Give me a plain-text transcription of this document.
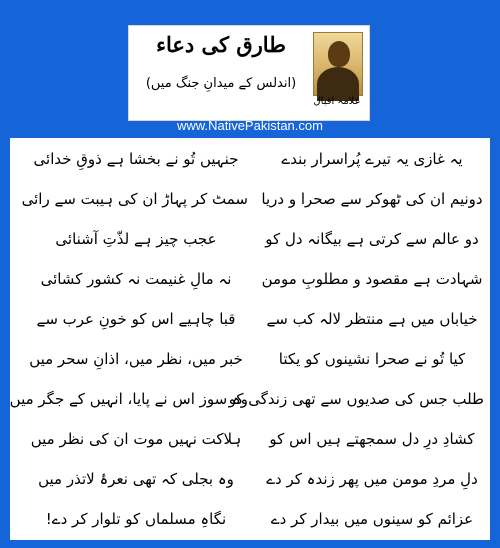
طارق کی دعاء
(اندلس کے میدانِ جنگ میں)
علامہ اقبال
www.NativePakistan.com
یہ غازی یہ تیرے پُراسرار بندے
جنہیں تُو نے بخشا ہے ذوقِ خدائی
دونیم ان کی ٹھوکر سے صحرا و دریا
سمٹ کر پہاڑ ان کی ہیبت سے رائی
دو عالم سے کرتی ہے بیگانہ دل کو
عجب چیز ہے لذّتِ آشنائی
شہادت ہے مقصود و مطلوبِ مومن
نہ مالِ غنیمت نہ کشور کشائی
خیاباں میں ہے منتظر لالہ کب سے
قبا چاہیے اس کو خونِ عرب سے
کیا تُو نے صحرا نشینوں کو یکتا
خبر میں، نظر میں، اذانِ سحر میں
طلب جس کی صدیوں سے تھی زندگی کو
وہ سوز اس نے پایا، انہیں کے جگر میں
کشادِ درِ دل سمجھتے ہیں اس کو
ہلاکت نہیں موت ان کی نظر میں
دلِ مردِ مومن میں پھر زندہ کر دے
وہ بجلی کہ تھی نعرۂ لاتذر میں
عزائم کو سینوں میں بیدار کر دے
نگاہِ مسلماں کو تلوار کر دے!
